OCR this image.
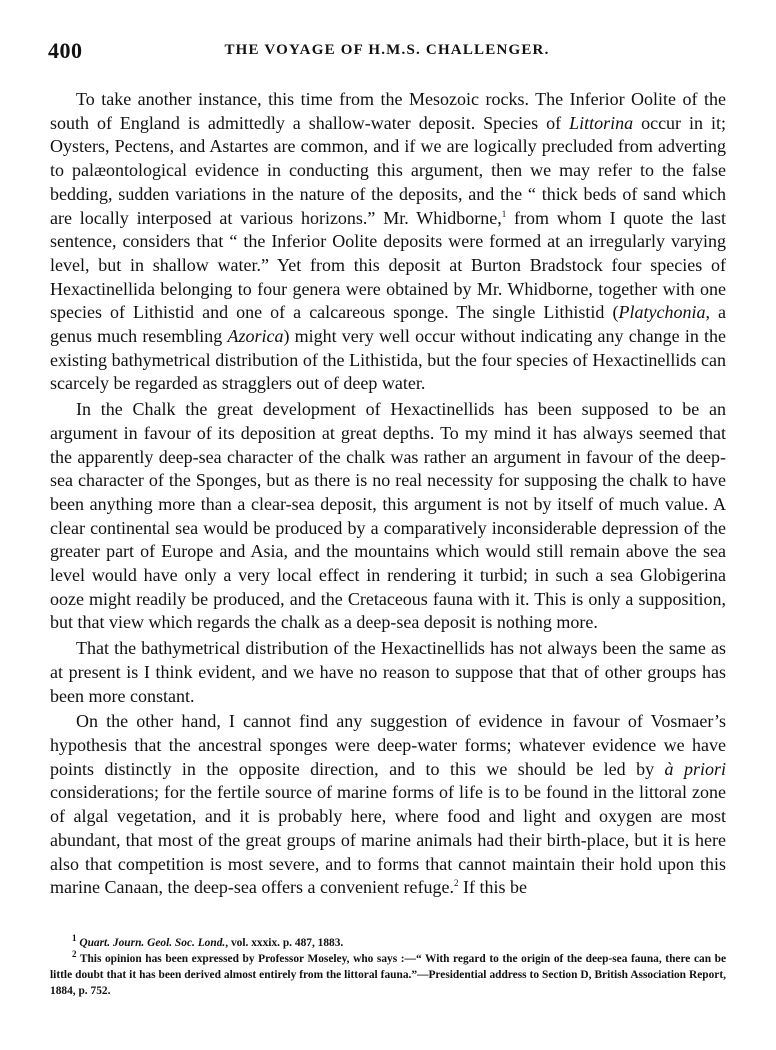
400	THE VOYAGE OF H.M.S. CHALLENGER.

To take another instance, this time from the Mesozoic rocks. The Inferior Oolite of the south of England is admittedly a shallow-water deposit. Species of Littorina occur in it; Oysters, Pectens, and Astartes are common, and if we are logically precluded from adverting to palæontological evidence in conducting this argument, then we may refer to the false bedding, sudden variations in the nature of the deposits, and the “ thick beds of sand which are locally interposed at various horizons.” Mr. Whidborne,$^1$ from whom I quote the last sentence, considers that “ the Inferior Oolite deposits were formed at an irregularly varying level, but in shallow water.” Yet from this deposit at Burton Bradstock four species of Hexactinellida belonging to four genera were obtained by Mr. Whidborne, together with one species of Lithistid and one of a calcareous sponge. The single Lithistid (Platychonia, a genus much resembling Azorica) might very well occur without indicating any change in the existing bathymetrical distribution of the Lithistida, but the four species of Hexactinellids can scarcely be regarded as stragglers out of deep water.

In the Chalk the great development of Hexactinellids has been supposed to be an argument in favour of its deposition at great depths. To my mind it has always seemed that the apparently deep-sea character of the chalk was rather an argument in favour of the deep-sea character of the Sponges, but as there is no real necessity for supposing the chalk to have been anything more than a clear-sea deposit, this argument is not by itself of much value. A clear continental sea would be produced by a comparatively inconsiderable depression of the greater part of Europe and Asia, and the mountains which would still remain above the sea level would have only a very local effect in rendering it turbid; in such a sea Globigerina ooze might readily be produced, and the Cretaceous fauna with it. This is only a supposition, but that view which regards the chalk as a deep-sea deposit is nothing more.

That the bathymetrical distribution of the Hexactinellids has not always been the same as at present is I think evident, and we have no reason to suppose that that of other groups has been more constant.

On the other hand, I cannot find any suggestion of evidence in favour of Vosmaer’s hypothesis that the ancestral sponges were deep-water forms; whatever evidence we have points distinctly in the opposite direction, and to this we should be led by à priori considerations; for the fertile source of marine forms of life is to be found in the littoral zone of algal vegetation, and it is probably here, where food and light and oxygen are most abundant, that most of the great groups of marine animals had their birth-place, but it is here also that competition is most severe, and to forms that cannot maintain their hold upon this marine Canaan, the deep-sea offers a convenient refuge.$^2$ If this be

$^1$ Quart. Journ. Geol. Soc. Lond., vol. xxxix. p. 487, 1883.

$^2$ This opinion has been expressed by Professor Moseley, who says :—“ With regard to the origin of the deep-sea fauna, there can be little doubt that it has been derived almost entirely from the littoral fauna.”—Presidential address to Section D, British Association Report, 1884, p. 752.
